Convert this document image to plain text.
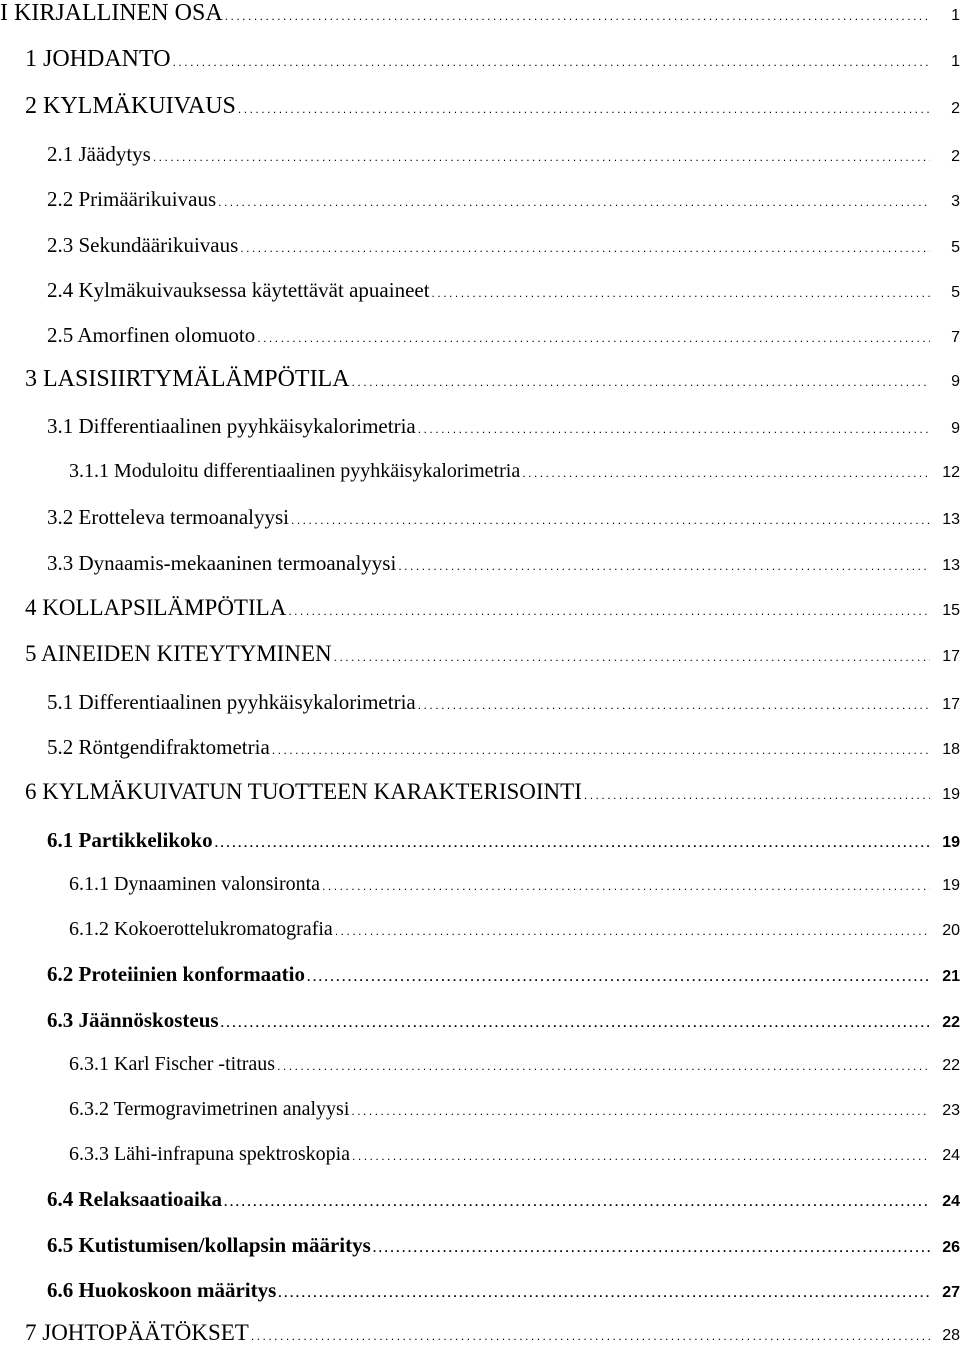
I KIRJALLINEN OSA .....	1
1 JOHDANTO .....	1
2 KYLMÄKUIVAUS .....	2
2.1 Jäädytys .....	2
2.2 Primäärikuivaus .....	3
2.3 Sekundäärikuivaus .....	5
2.4 Kylmäkuivauksessa käytettävät apuaineet .....	5
2.5 Amorfinen olomuoto .....	7
3 LASISIIRTYMÄLÄMPÖTILA .....	9
3.1 Differentiaalinen pyyhkäisykalorimetria .....	9
3.1.1 Moduloitu differentiaalinen pyyhkäisykalorimetria .....	12
3.2 Erotteleva termoanalyysi .....	13
3.3 Dynaamis-mekaaninen termoanalyysi .....	13
4 KOLLAPSILÄMPÖTILA .....	15
5 AINEIDEN KITEYTYMINEN .....	17
5.1 Differentiaalinen pyyhkäisykalorimetria .....	17
5.2 Röntgendifraktometria .....	18
6 KYLMÄKUIVATUN TUOTTEEN KARAKTERISOINTI .....	19
6.1 Partikkelikoko .....	19
6.1.1 Dynaaminen valonsironta .....	19
6.1.2 Kokoerottelukromatografia .....	20
6.2 Proteiinien konformaatio .....	21
6.3 Jäännöskosteus .....	22
6.3.1 Karl Fischer -titraus .....	22
6.3.2 Termogravimetrinen analyysi .....	23
6.3.3 Lähi-infrapuna spektroskopia .....	24
6.4 Relaksaatioaika .....	24
6.5 Kutistumisen/kollapsin määritys .....	26
6.6 Huokoskoon määritys .....	27
7 JOHTOPÄÄTÖKSET .....	28
